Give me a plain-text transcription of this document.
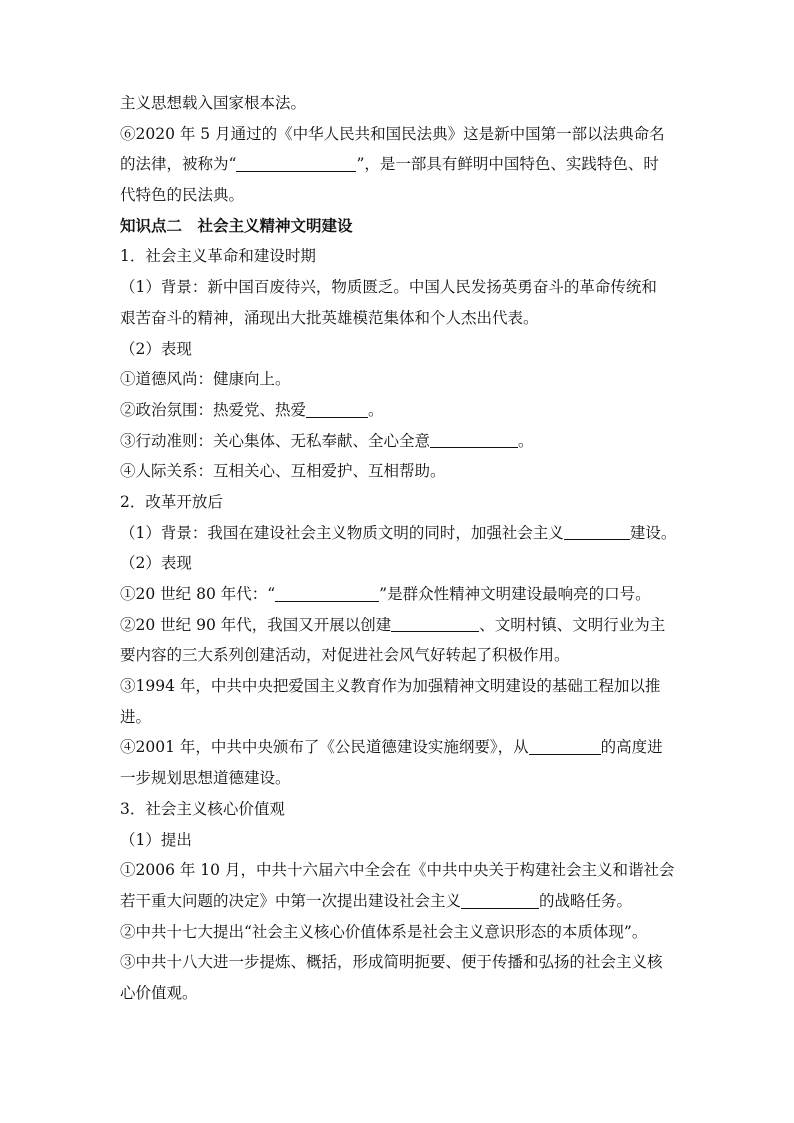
主义思想载入国家根本法。
⑥2020 年 5 月通过的《中华人民共和国民法典》这是新中国第一部以法典命名
的法律，被称为“	”，是一部具有鲜明中国特色、实践特色、时
代特色的民法典。
知识点二　社会主义精神文明建设
1．社会主义革命和建设时期
（1）背景：新中国百废待兴，物质匮乏。中国人民发扬英勇奋斗的革命传统和
艰苦奋斗的精神，涌现出大批英雄模范集体和个人杰出代表。
（2）表现
①道德风尚：健康向上。
②政治氛围：热爱党、热爱	。
③行动准则：关心集体、无私奉献、全心全意	。
④人际关系：互相关心、互相爱护、互相帮助。
2．改革开放后
（1）背景：我国在建设社会主义物质文明的同时，加强社会主义	建设。
（2）表现
①20 世纪 80 年代：“	”是群众性精神文明建设最响亮的口号。
②20 世纪 90 年代，我国又开展以创建	、文明村镇、文明行业为主
要内容的三大系列创建活动，对促进社会风气好转起了积极作用。
③1994 年，中共中央把爱国主义教育作为加强精神文明建设的基础工程加以推
进。
④2001 年，中共中央颁布了《公民道德建设实施纲要》，从	的高度进
一步规划思想道德建设。
3．社会主义核心价值观
（1）提出
①2006 年 10 月，中共十六届六中全会在《中共中央关于构建社会主义和谐社会
若干重大问题的决定》中第一次提出建设社会主义	的战略任务。
②中共十七大提出“社会主义核心价值体系是社会主义意识形态的本质体现”。
③中共十八大进一步提炼、概括，形成简明扼要、便于传播和弘扬的社会主义核
心价值观。
